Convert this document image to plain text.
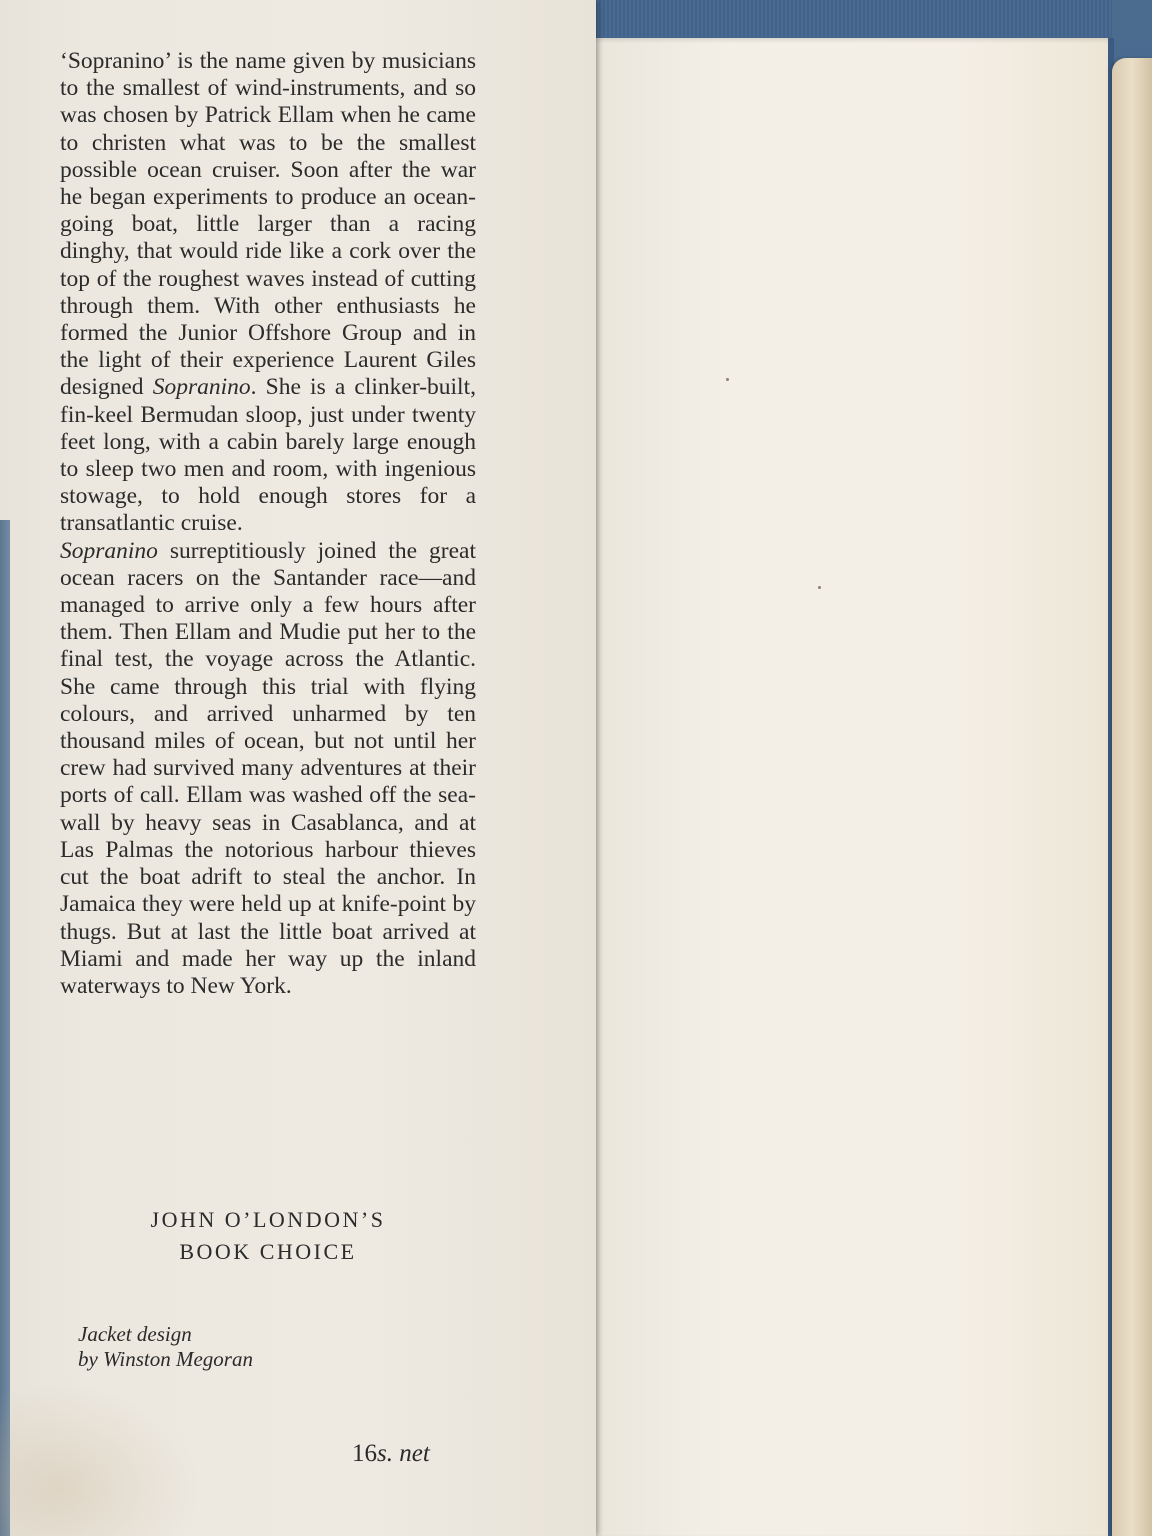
‘Sopranino’ is the name given by musicians to the smallest of wind-instruments, and so was chosen by Patrick Ellam when he came to christen what was to be the smallest possible ocean cruiser. Soon after the war he began experiments to produce an ocean-going boat, little larger than a racing dinghy, that would ride like a cork over the top of the roughest waves instead of cutting through them. With other enthusiasts he formed the Junior Offshore Group and in the light of their experience Laurent Giles designed Sopranino. She is a clinker-built, fin-keel Bermudan sloop, just under twenty feet long, with a cabin barely large enough to sleep two men and room, with ingenious stowage, to hold enough stores for a transatlantic cruise.

Sopranino surreptitiously joined the great ocean racers on the Santander race—and managed to arrive only a few hours after them. Then Ellam and Mudie put her to the final test, the voyage across the Atlantic. She came through this trial with flying colours, and arrived unharmed by ten thousand miles of ocean, but not until her crew had survived many adventures at their ports of call. Ellam was washed off the sea-wall by heavy seas in Casablanca, and at Las Palmas the notorious harbour thieves cut the boat adrift to steal the anchor. In Jamaica they were held up at knife-point by thugs. But at last the little boat arrived at Miami and made her way up the inland waterways to New York.

JOHN O’LONDON’S
BOOK CHOICE
Jacket design
by Winston Megoran
16s. net
